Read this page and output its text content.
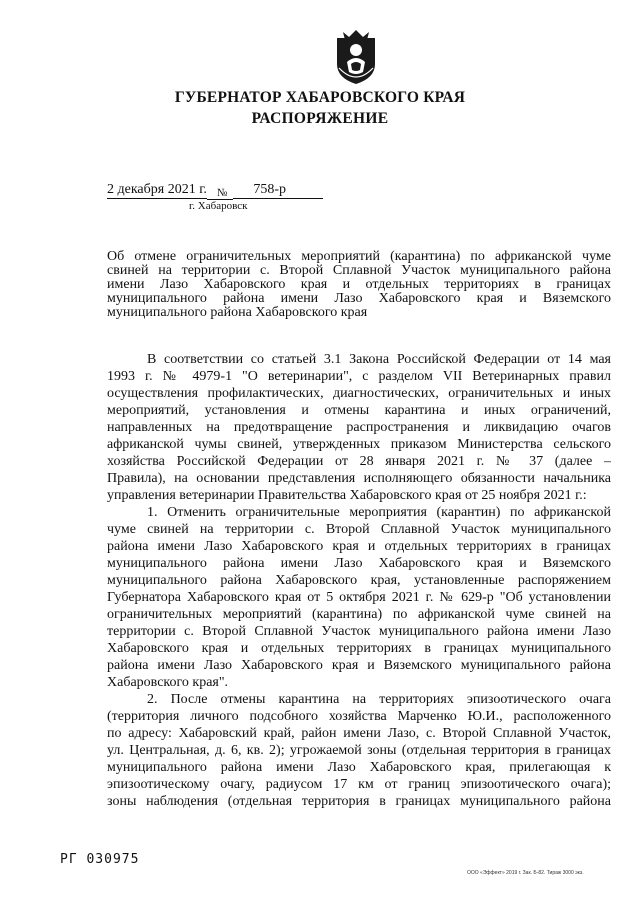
ГУБЕРНАТОР ХАБАРОВСКОГО КРАЯ
РАСПОРЯЖЕНИЕ
2 декабря 2021 г. № 758-р
г. Хабаровск
Об отмене ограничительных мероприятий (карантина) по африканской чуме
свиней на территории с. Второй Сплавной Участок муниципального района
имени Лазо Хабаровского края и отдельных территориях в границах
муниципального района имени Лазо Хабаровского края и Вяземского
муниципального района Хабаровского края
В соответствии со статьей 3.1 Закона Российской Федерации от 14 мая
1993 г. № 4979-1 "О ветеринарии", с разделом VII Ветеринарных правил
осуществления профилактических, диагностических, ограничительных и иных
мероприятий, установления и отмены карантина и иных ограничений,
направленных на предотвращение распространения и ликвидацию очагов
африканской чумы свиней, утвержденных приказом Министерства сельского
хозяйства Российской Федерации от 28 января 2021 г. № 37 (далее –
Правила), на основании представления исполняющего обязанности начальника
управления ветеринарии Правительства Хабаровского края от 25 ноября 2021 г.:
1. Отменить ограничительные мероприятия (карантин) по африканской
чуме свиней на территории с. Второй Сплавной Участок муниципального
района имени Лазо Хабаровского края и отдельных территориях в границах
муниципального района имени Лазо Хабаровского края и Вяземского
муниципального района Хабаровского края, установленные распоряжением
Губернатора Хабаровского края от 5 октября 2021 г. № 629-р "Об установлении
ограничительных мероприятий (карантина) по африканской чуме свиней на
территории с. Второй Сплавной Участок муниципального района имени Лазо
Хабаровского края и отдельных территориях в границах муниципального
района имени Лазо Хабаровского края и Вяземского муниципального района
Хабаровского края".
2. После отмены карантина на территориях эпизоотического очага
(территория личного подсобного хозяйства Марченко Ю.И., расположенного
по адресу: Хабаровский край, район имени Лазо, с. Второй Сплавной Участок,
ул. Центральная, д. 6, кв. 2); угрожаемой зоны (отдельная территория в границах
муниципального района имени Лазо Хабаровского края, прилегающая к
эпизоотическому очагу, радиусом 17 км от границ эпизоотического очага);
зоны наблюдения (отдельная территория в границах муниципального района
РГ 030975
ООО «Эффект» 2019 г. Зак. Б-82. Тираж 3000 экз.
